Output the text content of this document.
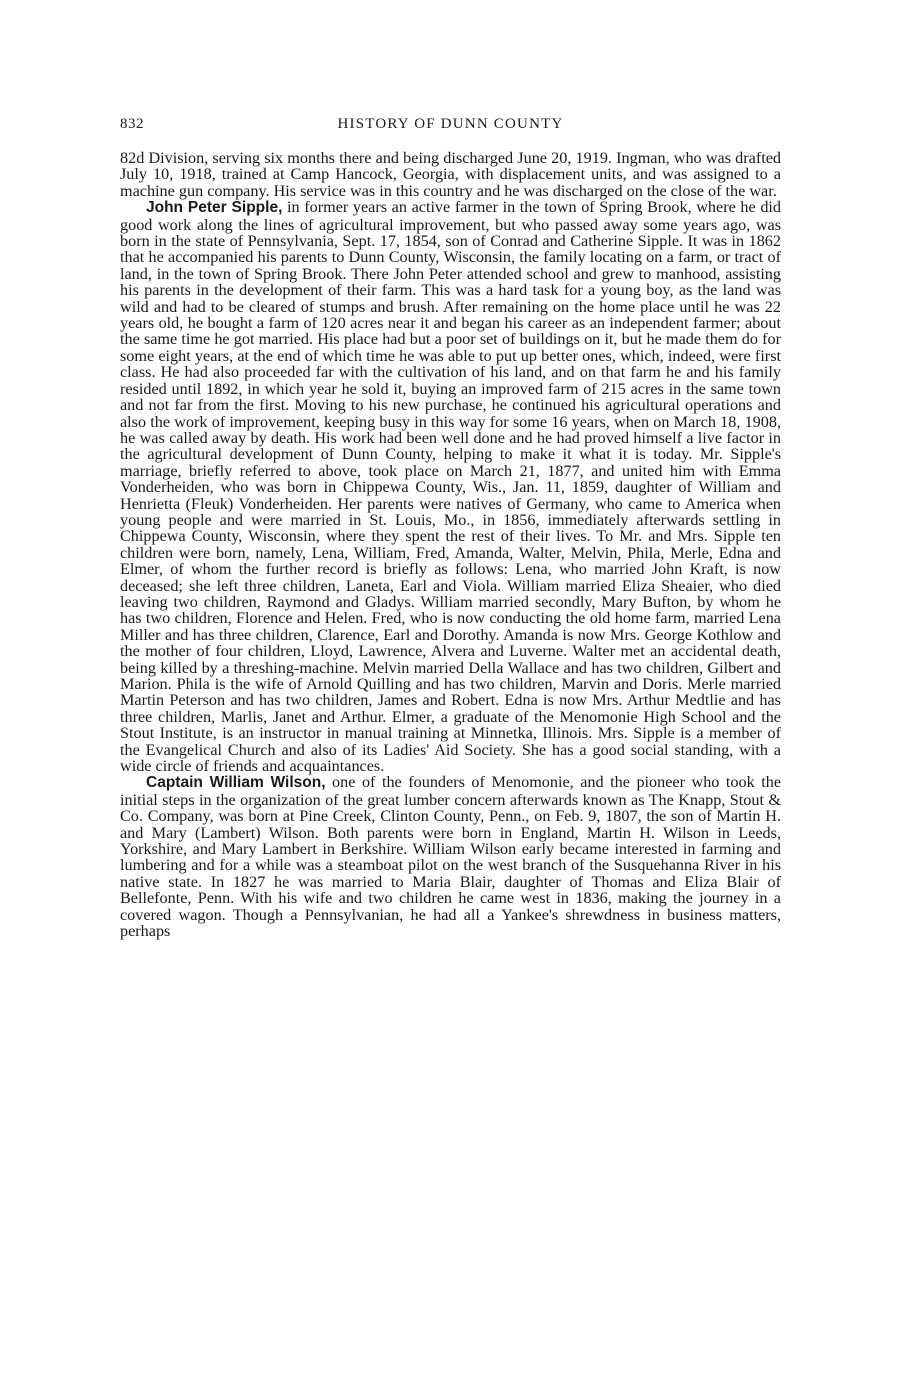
832	HISTORY OF DUNN COUNTY

82d Division, serving six months there and being discharged June 20, 1919. Ingman, who was drafted July 10, 1918, trained at Camp Hancock, Georgia, with displacement units, and was assigned to a machine gun company. His service was in this country and he was discharged on the close of the war.

John Peter Sipple, in former years an active farmer in the town of Spring Brook, where he did good work along the lines of agricultural improvement, but who passed away some years ago, was born in the state of Pennsylvania, Sept. 17, 1854, son of Conrad and Catherine Sipple. It was in 1862 that he accompanied his parents to Dunn County, Wisconsin, the family locating on a farm, or tract of land, in the town of Spring Brook. There John Peter attended school and grew to manhood, assisting his parents in the development of their farm. This was a hard task for a young boy, as the land was wild and had to be cleared of stumps and brush. After remaining on the home place until he was 22 years old, he bought a farm of 120 acres near it and began his career as an independent farmer; about the same time he got married. His place had but a poor set of buildings on it, but he made them do for some eight years, at the end of which time he was able to put up better ones, which, indeed, were first class. He had also proceeded far with the cultivation of his land, and on that farm he and his family resided until 1892, in which year he sold it, buying an improved farm of 215 acres in the same town and not far from the first. Moving to his new purchase, he continued his agricultural operations and also the work of improvement, keeping busy in this way for some 16 years, when on March 18, 1908, he was called away by death. His work had been well done and he had proved himself a live factor in the agricultural development of Dunn County, helping to make it what it is today. Mr. Sipple's marriage, briefly referred to above, took place on March 21, 1877, and united him with Emma Vonderheiden, who was born in Chippewa County, Wis., Jan. 11, 1859, daughter of William and Henrietta (Fleuk) Vonderheiden. Her parents were natives of Germany, who came to America when young people and were married in St. Louis, Mo., in 1856, immediately afterwards settling in Chippewa County, Wisconsin, where they spent the rest of their lives. To Mr. and Mrs. Sipple ten children were born, namely, Lena, William, Fred, Amanda, Walter, Melvin, Phila, Merle, Edna and Elmer, of whom the further record is briefly as follows: Lena, who married John Kraft, is now deceased; she left three children, Laneta, Earl and Viola. William married Eliza Sheaier, who died leaving two children, Raymond and Gladys. William married secondly, Mary Bufton, by whom he has two children, Florence and Helen. Fred, who is now conducting the old home farm, married Lena Miller and has three children, Clarence, Earl and Dorothy. Amanda is now Mrs. George Kothlow and the mother of four children, Lloyd, Lawrence, Alvera and Luverne. Walter met an accidental death, being killed by a threshing-machine. Melvin married Della Wallace and has two children, Gilbert and Marion. Phila is the wife of Arnold Quilling and has two children, Marvin and Doris. Merle married Martin Peterson and has two children, James and Robert. Edna is now Mrs. Arthur Medtlie and has three children, Marlis, Janet and Arthur. Elmer, a graduate of the Menomonie High School and the Stout Institute, is an instructor in manual training at Minnetka, Illinois. Mrs. Sipple is a member of the Evangelical Church and also of its Ladies' Aid Society. She has a good social standing, with a wide circle of friends and acquaintances.

Captain William Wilson, one of the founders of Menomonie, and the pioneer who took the initial steps in the organization of the great lumber concern afterwards known as The Knapp, Stout & Co. Company, was born at Pine Creek, Clinton County, Penn., on Feb. 9, 1807, the son of Martin H. and Mary (Lambert) Wilson. Both parents were born in England, Martin H. Wilson in Leeds, Yorkshire, and Mary Lambert in Berkshire. William Wilson early became interested in farming and lumbering and for a while was a steamboat pilot on the west branch of the Susquehanna River in his native state. In 1827 he was married to Maria Blair, daughter of Thomas and Eliza Blair of Bellefonte, Penn. With his wife and two children he came west in 1836, making the journey in a covered wagon. Though a Pennsylvanian, he had all a Yankee's shrewdness in business matters, perhaps
